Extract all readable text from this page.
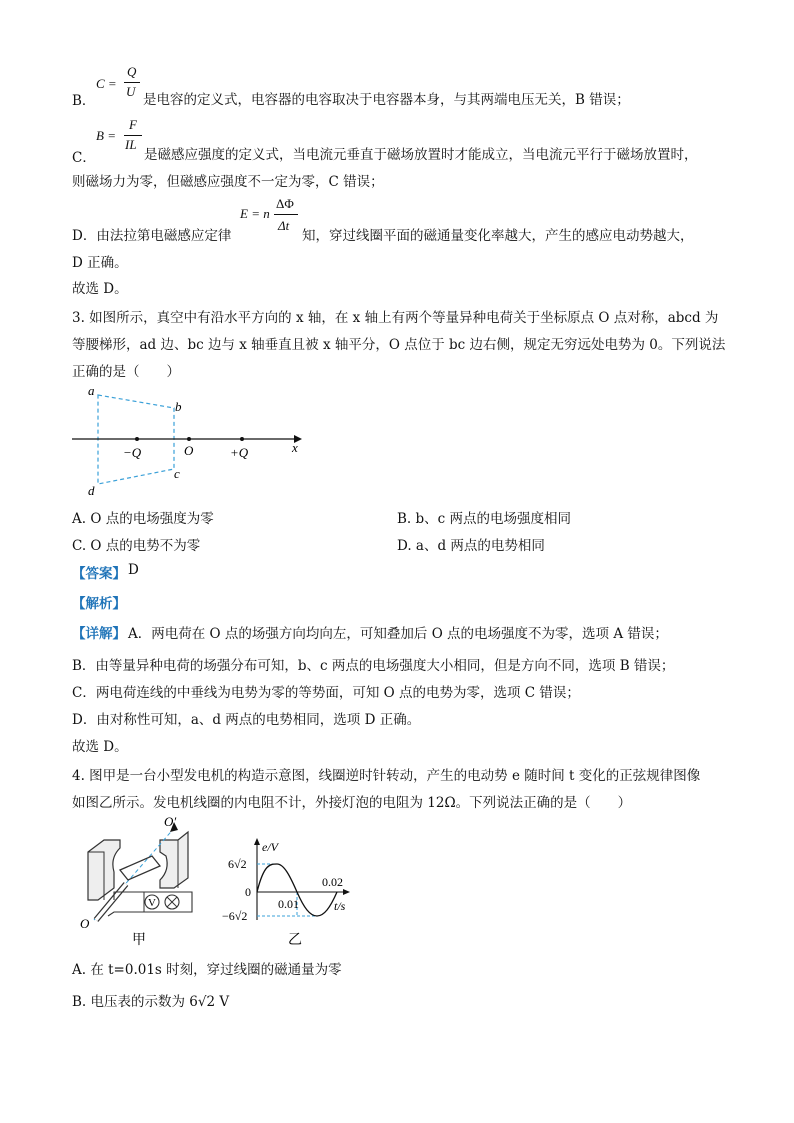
B．
C =
Q
U
是电容的定义式，电容器的电容取决于电容器本身，与其两端电压无关，B 错误；
C．
B =
F
IL
是磁感应强度的定义式，当电流元垂直于磁场放置时才能成立，当电流元平行于磁场放置时，
则磁场力为零，但磁感应强度不一定为零，C 错误；
D．由法拉第电磁感应定律
E = n
ΔΦ
Δt
知，穿过线圈平面的磁通量变化率越大，产生的感应电动势越大，
D 正确。
故选 D。
3. 如图所示，真空中有沿水平方向的 x 轴，在 x 轴上有两个等量异种电荷关于坐标原点 O 点对称，abcd 为
等腰梯形，ad 边、bc 边与 x 轴垂直且被 x 轴平分，O 点位于 bc 边右侧，规定无穷远处电势为 0。下列说法
正确的是（　　）
a
b
c
d
−Q	O	+Q	x
A. O 点的电场强度为零	B. b、c 两点的电场强度相同
C. O 点的电势不为零	D. a、d 两点的电势相同
【答案】 D
【解析】
【详解】 A．两电荷在 O 点的场强方向均向左，可知叠加后 O 点的电场强度不为零，选项 A 错误；
B．由等量异种电荷的场强分布可知，b、c 两点的电场强度大小相同，但是方向不同，选项 B 错误；
C．两电荷连线的中垂线为电势为零的等势面，可知 O 点的电势为零，选项 C 错误；
D．由对称性可知，a、d 两点的电势相同，选项 D 正确。
故选 D。
4. 图甲是一台小型发电机的构造示意图，线圈逆时针转动，产生的电动势 e 随时间 t 变化的正弦规律图像
如图乙所示。发电机线圈的内电阻不计，外接灯泡的电阻为 12Ω。下列说法正确的是（　　）
V
O′
O
甲
e/V
6√2
0
−6√2
0.01
0.02
t/s
乙
A. 在 t=0.01s 时刻，穿过线圈的磁通量为零
B. 电压表的示数为 6√2 V
